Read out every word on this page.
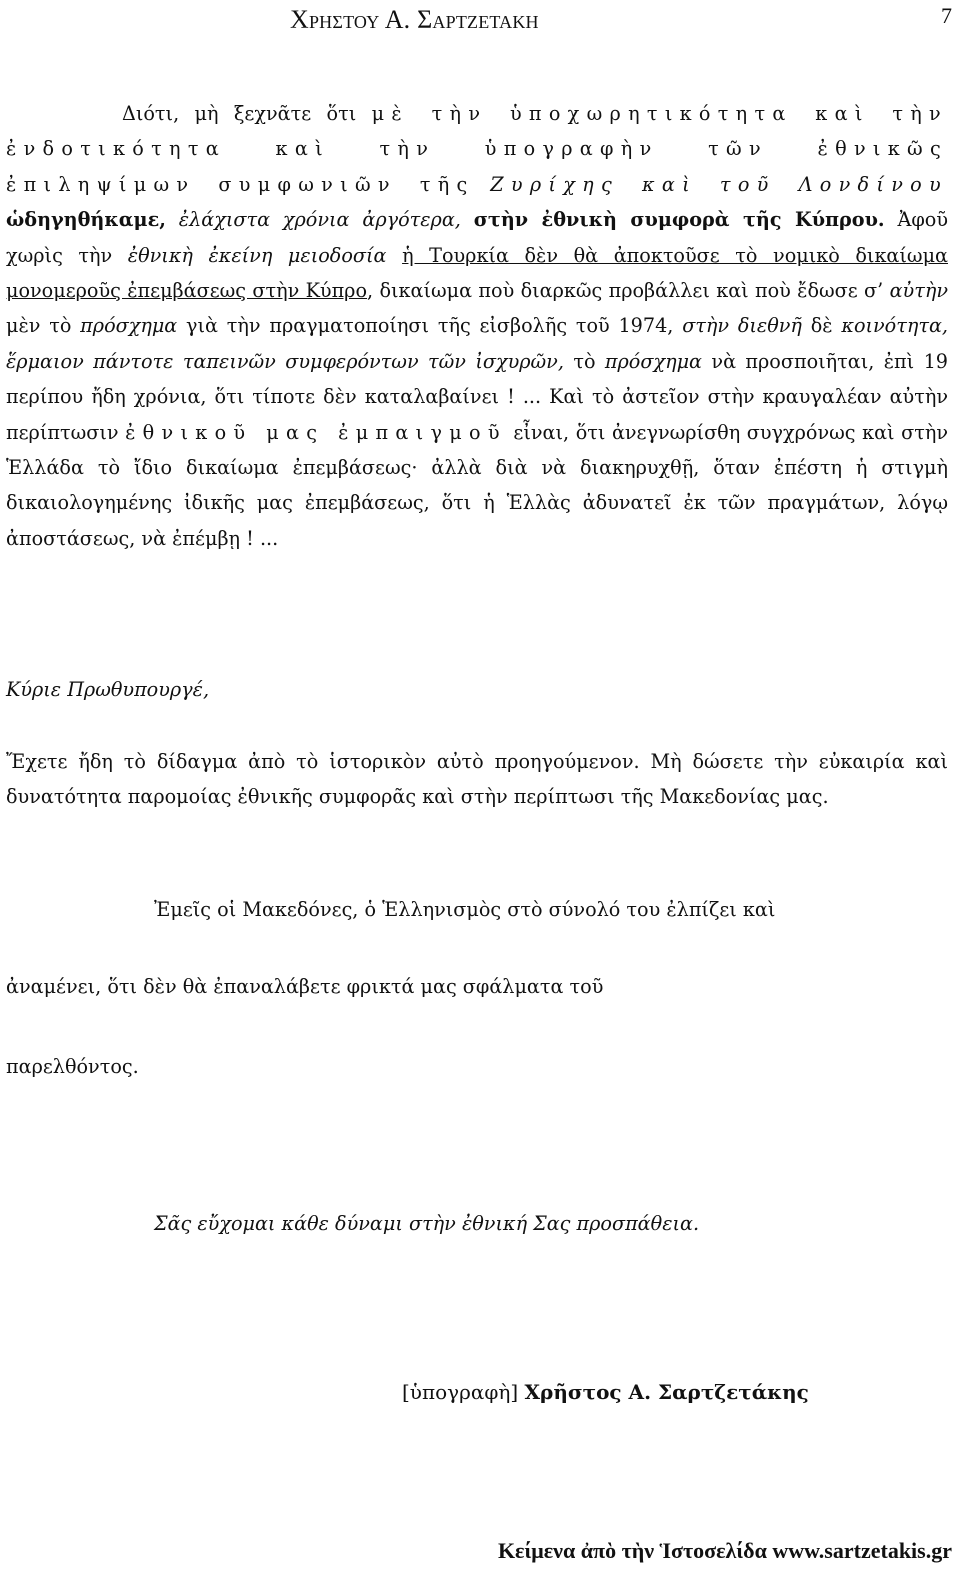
Χρηστου Α. Σαρτζετακη	7

Διότι, μὴ ξεχνᾶτε ὅτι μὲ τὴν ὑποχωρητικότητα καὶ τὴν ἐνδοτικότητα καὶ τὴν ὑπογραφὴν τῶν ἐθνικῶς ἐπιληψίμων συμφωνιῶν τῆς Ζυρίχης καὶ τοῦ Λονδίνου ὡδηγηθήκαμε, ἐλάχιστα χρόνια ἀργότερα, στὴν ἐθνικὴ συμφορὰ τῆς Κύπρου. Ἀφοῦ χωρὶς τὴν ἐθνικὴ ἐκείνη μειοδοσία ἡ Τουρκία δὲν θὰ ἀποκτοῦσε τὸ νομικὸ δικαίωμα μονομεροῦς ἐπεμβάσεως στὴν Κύπρο, δικαίωμα ποὺ διαρκῶς προβάλλει καὶ ποὺ ἔδωσε σ’ αὐτὴν μὲν τὸ πρόσχημα γιὰ τὴν πραγματοποίησι τῆς εἰσβολῆς τοῦ 1974, στὴν διεθνῆ δὲ κοινότητα, ἕρμαιον πάντοτε ταπεινῶν συμφερόντων τῶν ἰσχυρῶν, τὸ πρόσχημα νὰ προσποιῆται, ἐπὶ 19 περίπου ἤδη χρόνια, ὅτι τίποτε δὲν καταλαβαίνει ! ... Καὶ τὸ ἀστεῖον στὴν κραυγαλέαν αὐτὴν περίπτωσιν ἐθνικοῦ μας ἐμπαιγμοῦ εἶναι, ὅτι ἀνεγνωρίσθη συγχρόνως καὶ στὴν Ἑλλάδα τὸ ἴδιο δικαίωμα ἐπεμβάσεως· ἀλλὰ διὰ νὰ διακηρυχθῇ, ὅταν ἐπέστη ἡ στιγμὴ δικαιολογημένης ἰδικῆς μας ἐπεμβάσεως, ὅτι ἡ Ἑλλὰς ἀδυνατεῖ ἐκ τῶν πραγμάτων, λόγῳ ἀποστάσεως, νὰ ἐπέμβῃ ! ...

Κύριε Πρωθυπουργέ,
Ἔχετε ἤδη τὸ δίδαγμα ἀπὸ τὸ ἱστορικὸν αὐτὸ προηγούμενον. Μὴ δώσετε τὴν εὐκαιρία καὶ δυνατότητα παρομοίας ἐθνικῆς συμφορᾶς καὶ στὴν περίπτωσι τῆς Μακεδονίας μας.
Ἐμεῖς οἱ Μακεδόνες, ὁ Ἑλληνισμὸς στὸ σύνολό του ἐλπίζει καὶ
ἀναμένει, ὅτι δὲν θὰ ἐπαναλάβετε φρικτά μας σφάλματα τοῦ
παρελθόντος.
Σᾶς εὔχομαι κάθε δύναμι στὴν ἐθνική Σας προσπάθεια.
[ὑπογραφὴ] Χρῆστος Α. Σαρτζετάκης
Κείμενα ἀπὸ τὴν Ἱστοσελίδα www.sartzetakis.gr
